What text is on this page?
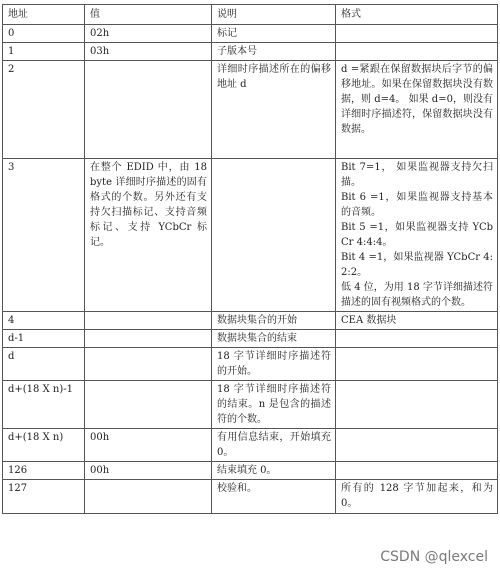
地址	值	说明	格式
0	02h	标记	
1	03h	子版本号	
2		详细时序描述所在的偏移地址 d	d =紧跟在保留数据块后字节的偏移地址。如果在保留数据块没有数据，则 d=4。 如果 d=0，则没有详细时序描述符，保留数据块没有数据。

3	在整个 EDID 中，由 18 byte 详细时序描述的固有格式的个数。另外还有支持欠扫描标记、支持音频标记、支持 YCbCr 标记。		Bit 7=1， 如果监视器支持欠扫描。
Bit 6 =1，如果监视器支持基本的音频。
Bit 5 =1，如果监视器支持 YCbCr 4:4:4。
Bit 4 =1，如果监视器 YCbCr 4:2:2。
低 4 位，为用 18 字节详细描述符描述的固有视频格式的个数。

4		数据块集合的开始	CEA 数据块

d-1		数据块集合的结束	
d		18 字节详细时序描述符的开始。	
d+(18 X n)-1		18 字节详细时序描述符的结束。n 是包含的描述符的个数。	
d+(18 X n)	00h	有用信息结束，开始填充 0。	
126	00h	结束填充 0。	
127		校验和。	所有的 128 字节加起来，和为 0。
CSDN @qlexcel
